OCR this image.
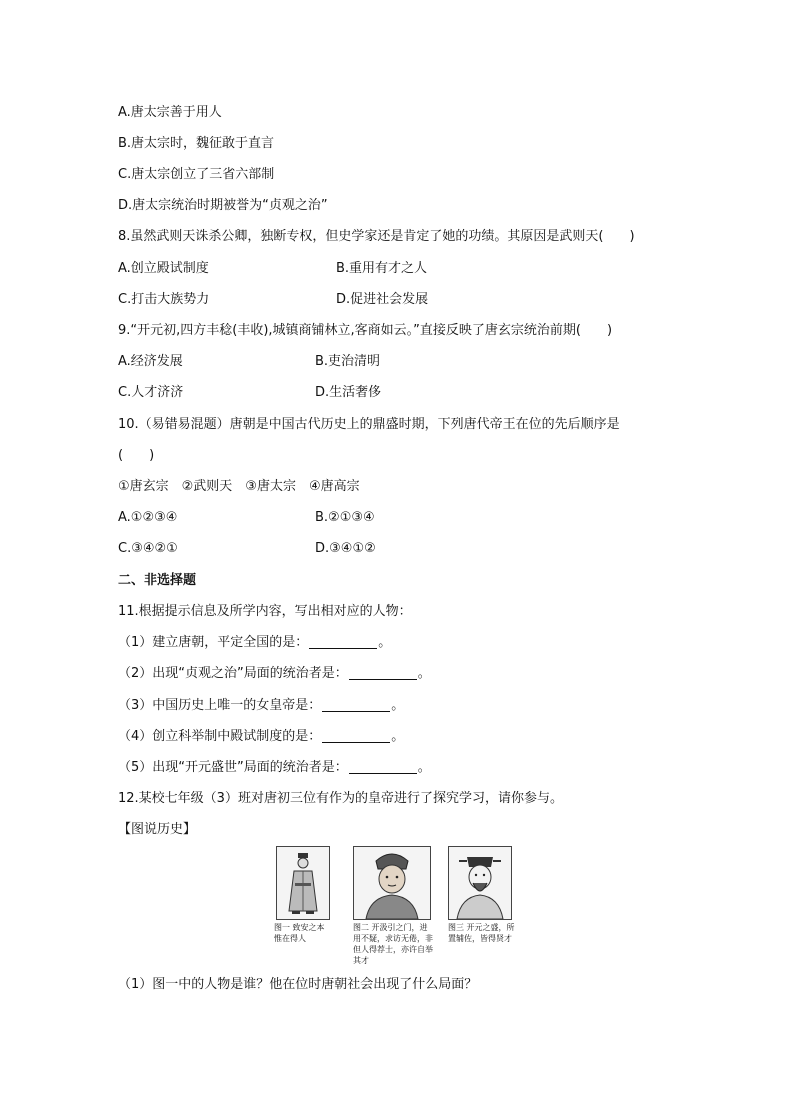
A.唐太宗善于用人
B.唐太宗时，魏征敢于直言
C.唐太宗创立了三省六部制
D.唐太宗统治时期被誉为“贞观之治”
8.虽然武则天诛杀公卿，独断专权，但史学家还是肯定了她的功绩。其原因是武则天(　　)
A.创立殿试制度	B.重用有才之人
C.打击大族势力	D.促进社会发展
9.“开元初,四方丰稔(丰收),城镇商铺林立,客商如云。”直接反映了唐玄宗统治前期(　　)
A.经济发展	B.吏治清明
C.人才济济	D.生活奢侈
10.（易错易混题）唐朝是中国古代历史上的鼎盛时期，下列唐代帝王在位的先后顺序是
(　　)
①唐玄宗　②武则天　③唐太宗　④唐高宗
A.①②③④	B.②①③④
C.③④②①	D.③④①②
二、非选择题
11.根据提示信息及所学内容，写出相对应的人物：
（1）建立唐朝，平定全国的是：	。
（2）出现“贞观之治”局面的统治者是：	。
（3）中国历史上唯一的女皇帝是：	。
（4）创立科举制中殿试制度的是：	。
（5）出现“开元盛世”局面的统治者是：	。
12.某校七年级（3）班对唐初三位有作为的皇帝进行了探究学习，请你参与。
【图说历史】
图一 致安之本惟在得人
图二 开汲引之门，进用不疑，求访无倦，非但人得荐士，亦许自举其才
图三 开元之盛，所置辅佐，皆得贤才
（1）图一中的人物是谁？他在位时唐朝社会出现了什么局面？
